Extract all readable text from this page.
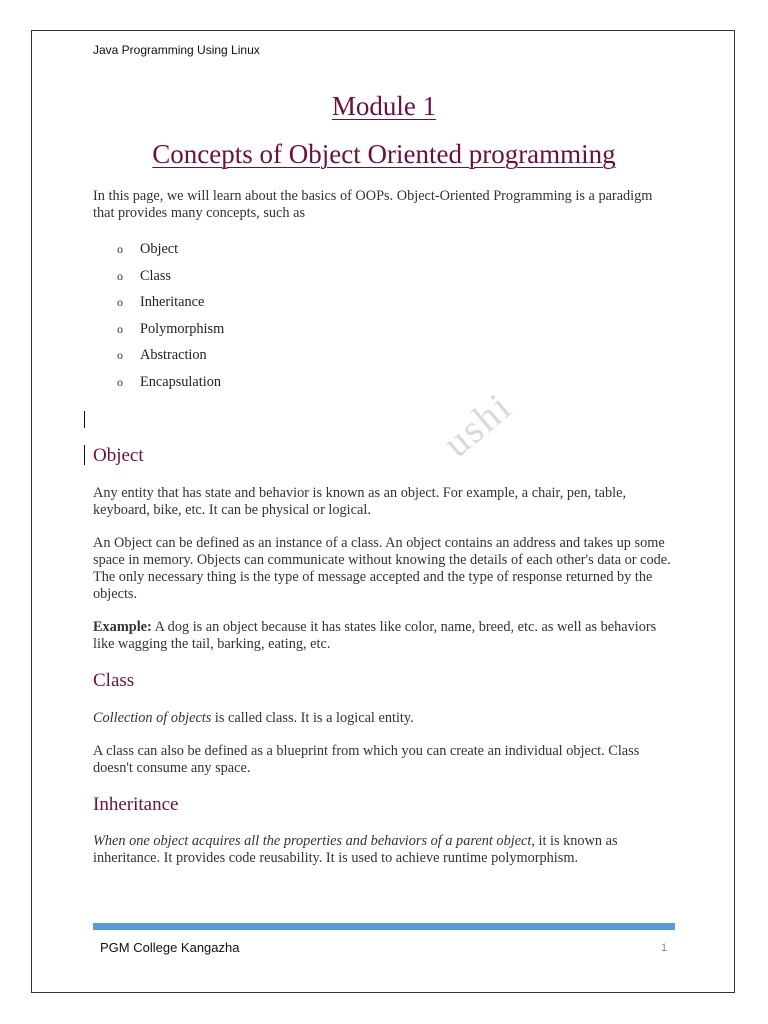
Java Programming Using Linux
Module 1
Concepts of Object Oriented programming
In this page, we will learn about the basics of OOPs. Object-Oriented Programming is a paradigm that provides many concepts, such as
o Object
o Class
o Inheritance
o Polymorphism
o Abstraction
o Encapsulation
ushi
Object
Any entity that has state and behavior is known as an object. For example, a chair, pen, table, keyboard, bike, etc. It can be physical or logical.
An Object can be defined as an instance of a class. An object contains an address and takes up some space in memory. Objects can communicate without knowing the details of each other's data or code. The only necessary thing is the type of message accepted and the type of response returned by the objects.
Example: A dog is an object because it has states like color, name, breed, etc. as well as behaviors like wagging the tail, barking, eating, etc.
Class
Collection of objects is called class. It is a logical entity.
A class can also be defined as a blueprint from which you can create an individual object. Class doesn't consume any space.
Inheritance
When one object acquires all the properties and behaviors of a parent object, it is known as inheritance. It provides code reusability. It is used to achieve runtime polymorphism.
PGM College Kangazha	1
